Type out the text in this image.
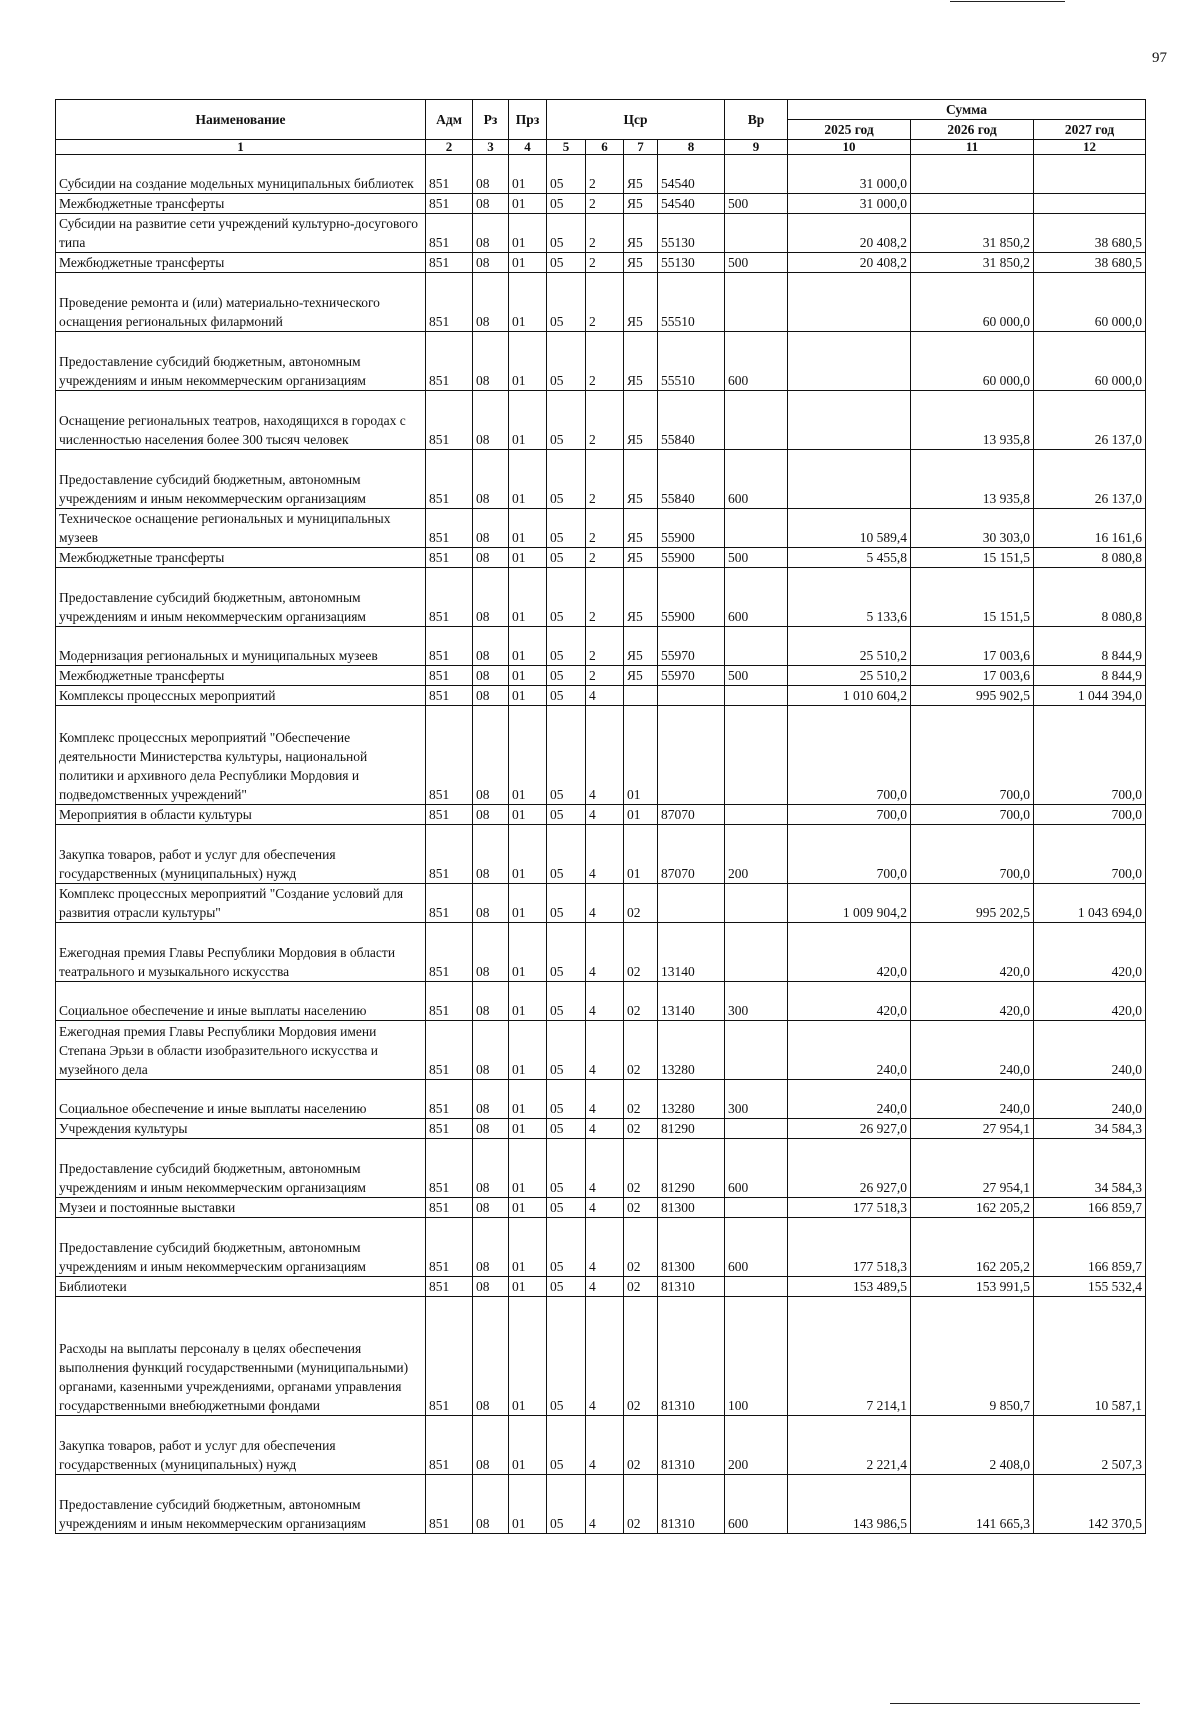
97
Наименование	Адм	Рз	Прз	Цср				Вр	Сумма		
									2025 год	2026 год	2027 год
1	2	3	4	5	6	7	8	9	10	11	12
Субсидии на создание модельных муниципальных библиотек	851	08	01	05	2	Я5	54540		31 000,0		
Межбюджетные трансферты	851	08	01	05	2	Я5	54540	500	31 000,0		
Субсидии на развитие сети учреждений культурно-досугового типа	851	08	01	05	2	Я5	55130		20 408,2	31 850,2	38 680,5
Межбюджетные трансферты	851	08	01	05	2	Я5	55130	500	20 408,2	31 850,2	38 680,5
Проведение ремонта и (или) материально-технического оснащения региональных филармоний	851	08	01	05	2	Я5	55510			60 000,0	60 000,0
Предоставление субсидий бюджетным, автономным учреждениям и иным некоммерческим организациям	851	08	01	05	2	Я5	55510	600		60 000,0	60 000,0
Оснащение региональных театров, находящихся в городах с численностью населения более 300 тысяч человек	851	08	01	05	2	Я5	55840			13 935,8	26 137,0
Предоставление субсидий бюджетным, автономным учреждениям и иным некоммерческим организациям	851	08	01	05	2	Я5	55840	600		13 935,8	26 137,0
Техническое оснащение региональных и муниципальных музеев	851	08	01	05	2	Я5	55900		10 589,4	30 303,0	16 161,6
Межбюджетные трансферты	851	08	01	05	2	Я5	55900	500	5 455,8	15 151,5	8 080,8
Предоставление субсидий бюджетным, автономным учреждениям и иным некоммерческим организациям	851	08	01	05	2	Я5	55900	600	5 133,6	15 151,5	8 080,8
Модернизация региональных и муниципальных музеев	851	08	01	05	2	Я5	55970		25 510,2	17 003,6	8 844,9
Межбюджетные трансферты	851	08	01	05	2	Я5	55970	500	25 510,2	17 003,6	8 844,9
Комплексы процессных мероприятий	851	08	01	05	4				1 010 604,2	995 902,5	1 044 394,0
Комплекс процессных мероприятий "Обеспечение деятельности Министерства культуры, национальной политики и архивного дела Республики Мордовия и подведомственных учреждений"	851	08	01	05	4	01			700,0	700,0	700,0
Мероприятия в области культуры	851	08	01	05	4	01	87070		700,0	700,0	700,0
Закупка товаров, работ и услуг для обеспечения государственных (муниципальных) нужд	851	08	01	05	4	01	87070	200	700,0	700,0	700,0
Комплекс процессных мероприятий "Создание условий для развития отрасли культуры"	851	08	01	05	4	02			1 009 904,2	995 202,5	1 043 694,0
Ежегодная премия Главы Республики Мордовия в области театрального и музыкального искусства	851	08	01	05	4	02	13140		420,0	420,0	420,0
Социальное обеспечение и иные выплаты населению	851	08	01	05	4	02	13140	300	420,0	420,0	420,0
Ежегодная премия Главы Республики Мордовия имени Степана Эрьзи в области изобразительного искусства и музейного дела	851	08	01	05	4	02	13280		240,0	240,0	240,0
Социальное обеспечение и иные выплаты населению	851	08	01	05	4	02	13280	300	240,0	240,0	240,0
Учреждения культуры	851	08	01	05	4	02	81290		26 927,0	27 954,1	34 584,3
Предоставление субсидий бюджетным, автономным учреждениям и иным некоммерческим организациям	851	08	01	05	4	02	81290	600	26 927,0	27 954,1	34 584,3
Музеи и постоянные выставки	851	08	01	05	4	02	81300		177 518,3	162 205,2	166 859,7
Предоставление субсидий бюджетным, автономным учреждениям и иным некоммерческим организациям	851	08	01	05	4	02	81300	600	177 518,3	162 205,2	166 859,7
Библиотеки	851	08	01	05	4	02	81310		153 489,5	153 991,5	155 532,4
Расходы на выплаты персоналу в целях обеспечения выполнения функций государственными (муниципальными) органами, казенными учреждениями, органами управления государственными внебюджетными фондами	851	08	01	05	4	02	81310	100	7 214,1	9 850,7	10 587,1
Закупка товаров, работ и услуг для обеспечения государственных (муниципальных) нужд	851	08	01	05	4	02	81310	200	2 221,4	2 408,0	2 507,3
Предоставление субсидий бюджетным, автономным учреждениям и иным некоммерческим организациям	851	08	01	05	4	02	81310	600	143 986,5	141 665,3	142 370,5
